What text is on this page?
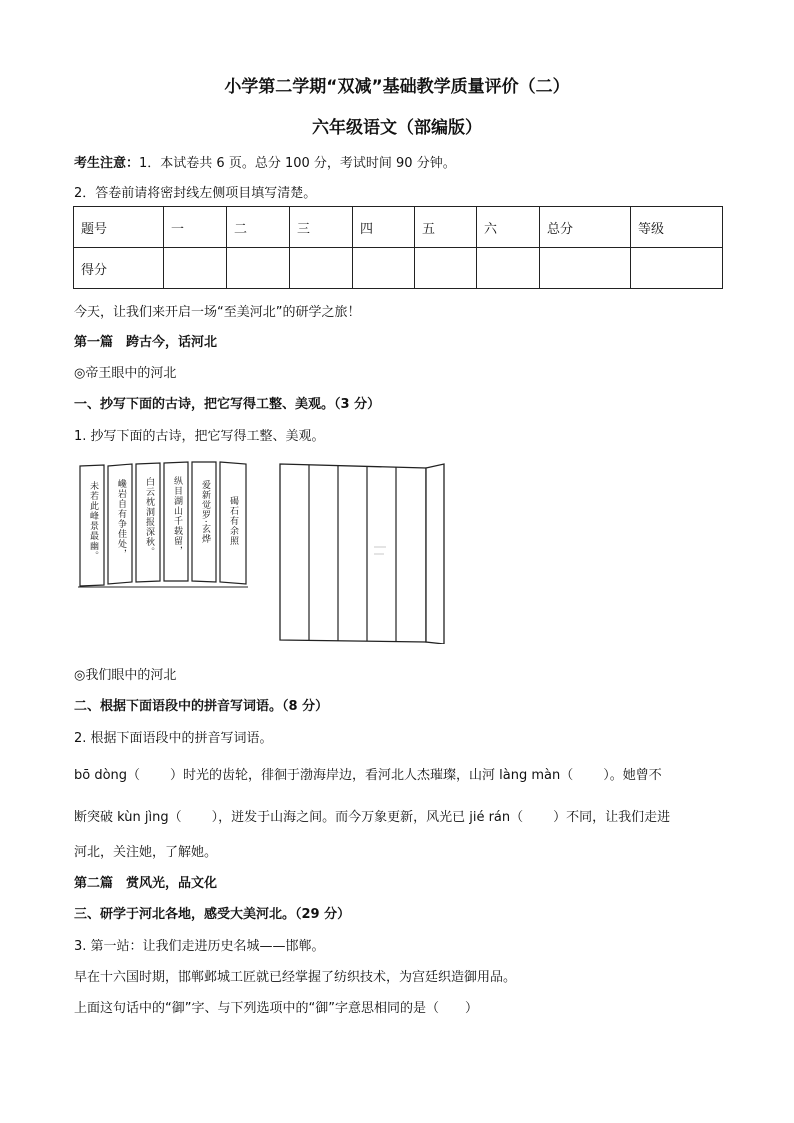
小学第二学期“双减”基础教学质量评价（二）
六年级语文（部编版）
考生注意：1．本试卷共 6 页。总分 100 分，考试时间 90 分钟。
2．答卷前请将密封线左侧项目填写清楚。
题号	一	二	三	四	五	六	总分	等级
得分								
今天，让我们来开启一场“至美河北”的研学之旅！
第一篇　跨古今，话河北
◎帝王眼中的河北
一、抄写下面的古诗，把它写得工整、美观。（3 分）
1. 抄写下面的古诗，把它写得工整、美观。
碣石有余照
爱新觉罗·玄烨
纵目湖山千载留，
白云枕洞报深秋。
巉岩自有争佳处，
未若此峰景最幽。
◎我们眼中的河北
二、根据下面语段中的拼音写词语。（8 分）
2. 根据下面语段中的拼音写词语。
bō dòng（ ）时光的齿轮，徘徊于渤海岸边，看河北人杰璀璨，山河 làng màn（ ）。她曾不
断突破 kùn jìng（ ），迸发于山海之间。而今万象更新，风光已 jié rán（ ）不同，让我们走进
河北，关注她，了解她。
第二篇　赏风光，品文化
三、研学于河北各地，感受大美河北。（29 分）
3. 第一站：让我们走进历史名城——邯郸。
早在十六国时期，邯郸邺城工匠就已经掌握了纺织技术，为宫廷织造御用品。
上面这句话中的“御”字、与下列选项中的“御”字意思相同的是（　　）
